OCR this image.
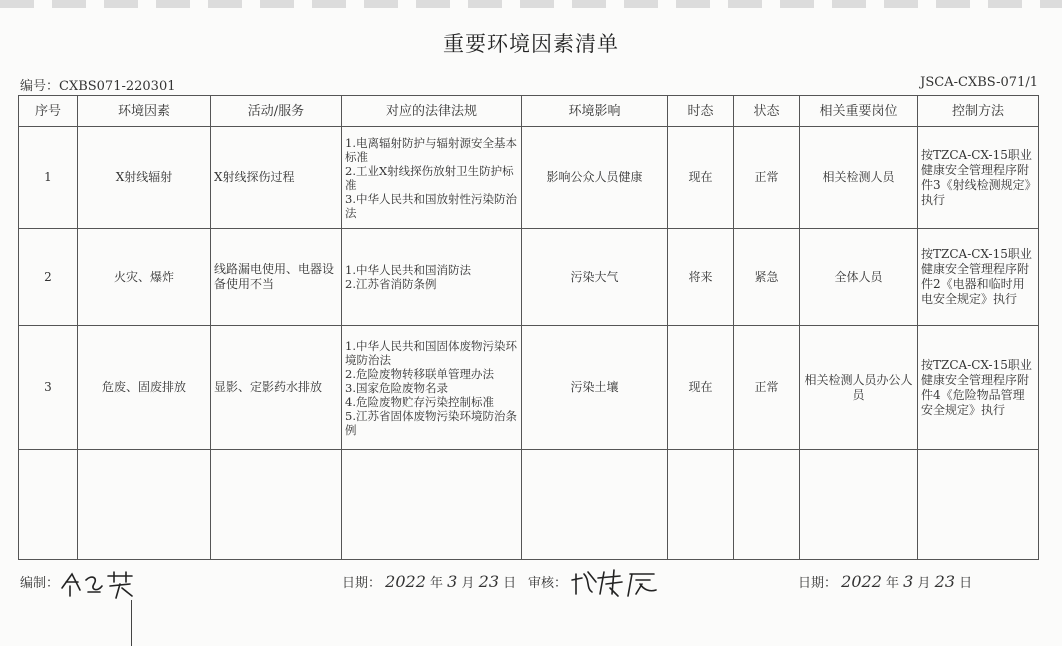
重要环境因素清单
编号：CXBS071-220301	JSCA-CXBS-071/1
序号	环境因素	活动/服务	对应的法律法规	环境影响	时态	状态	相关重要岗位	控制方法
1	X射线辐射	X射线探伤过程	1.电离辐射防护与辐射源安全基本标准
2.工业X射线探伤放射卫生防护标准
3.中华人民共和国放射性污染防治法	影响公众人员健康	现在	正常	相关检测人员	按TZCA-CX-15职业健康安全管理程序附件3《射线检测规定》执行
2	火灾、爆炸	线路漏电使用、电器设备使用不当	1.中华人民共和国消防法
2.江苏省消防条例	污染大气	将来	紧急	全体人员	按TZCA-CX-15职业健康安全管理程序附件2《电器和临时用电安全规定》执行
3	危废、固废排放	显影、定影药水排放	1.中华人民共和国固体废物污染环境防治法
2.危险废物转移联单管理办法
3.国家危险废物名录
4.危险废物贮存污染控制标准
5.江苏省固体废物污染环境防治条例	污染土壤	现在	正常	相关检测人员办公人员	按TZCA-CX-15职业健康安全管理程序附件4《危险物品管理安全规定》执行

编制：	日期： 2022 年 3 月 23 日 审核：	日期： 2022 年 3 月 23 日
